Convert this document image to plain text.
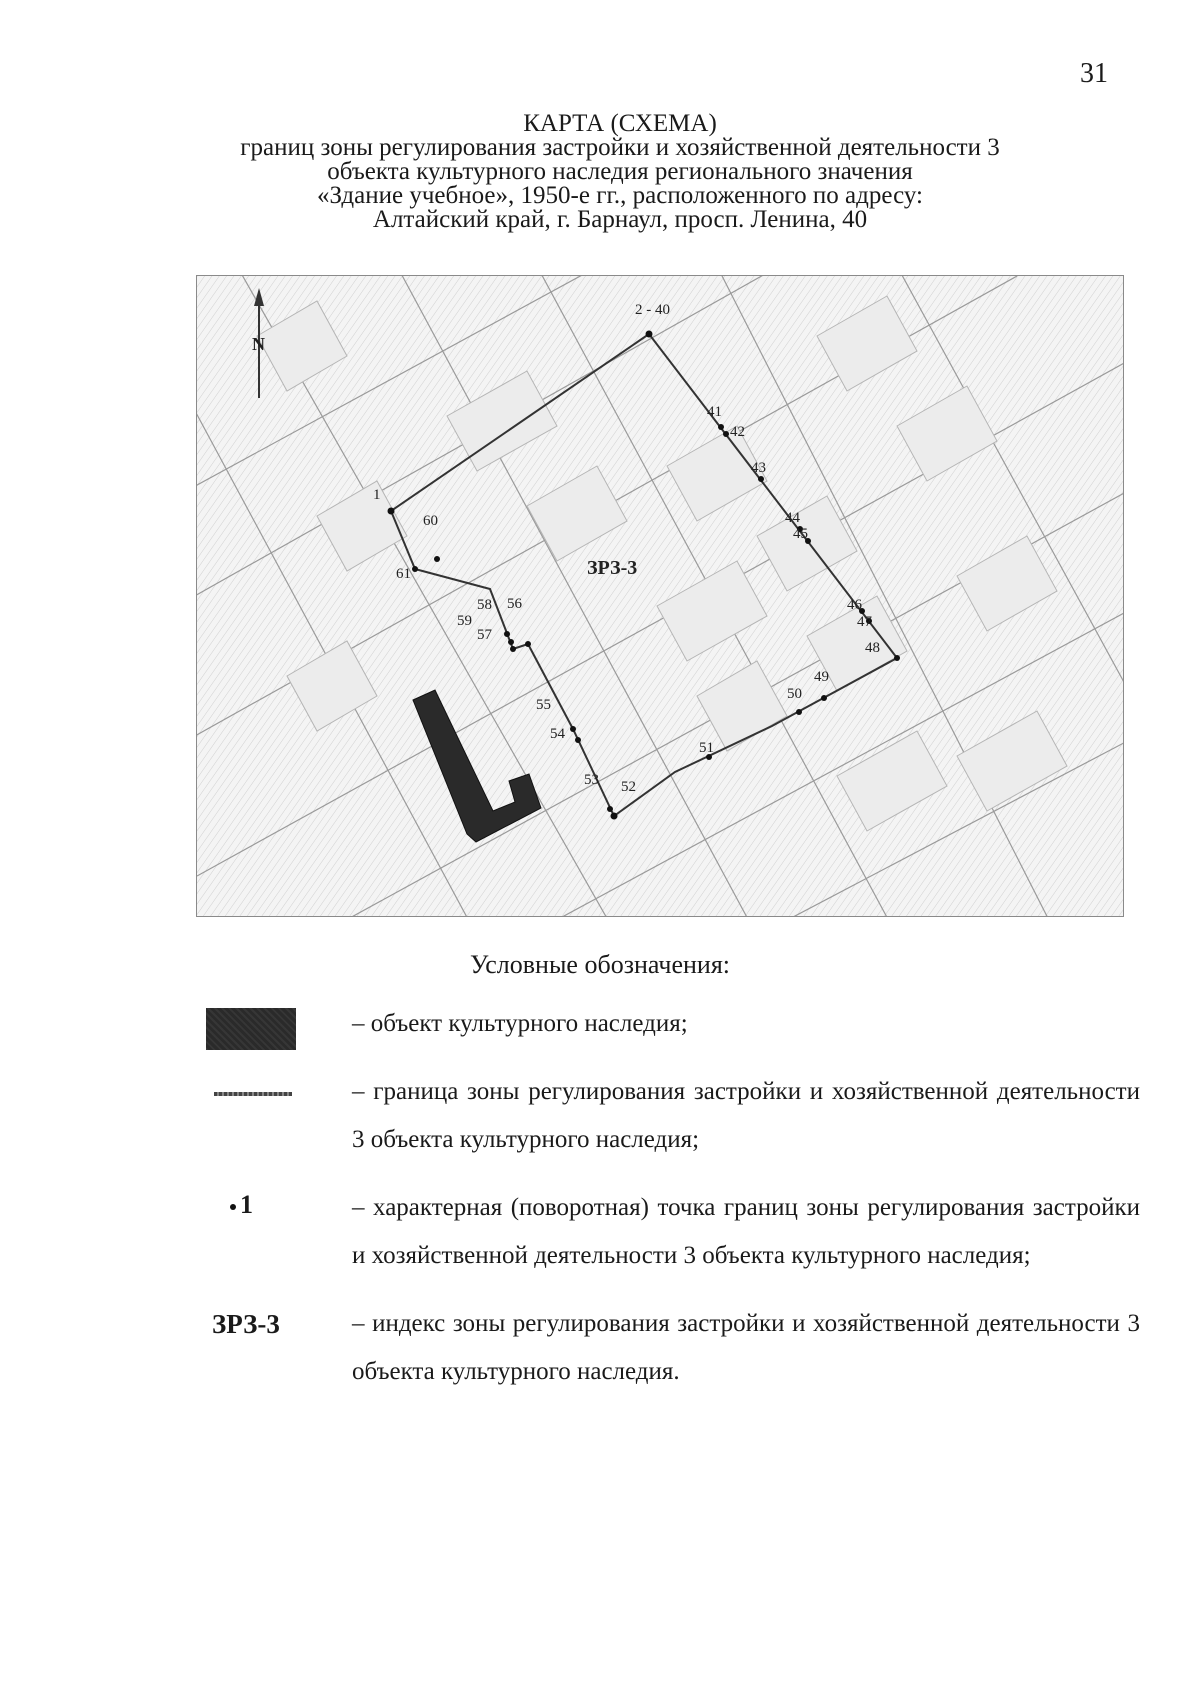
31
КАРТА (СХЕМА)
границ зоны регулирования застройки и хозяйственной деятельности 3
объекта культурного наследия регионального значения
«Здание учебное», 1950-е гг., расположенного по адресу:
Алтайский край, г. Барнаул, просп. Ленина, 40
N
1
2 - 40
41
42
43
44
45
46
47
48
49
50
51
52
53
54
55
56
57
58
59
60
61	ЗРЗ-3
Условные обозначения:
– объект культурного наследия;
– граница зоны регулирования застройки и хозяйственной деятельности 3 объекта культурного наследия;
1	– характерная (поворотная) точка границ зоны регулирования застройки и хозяйственной деятельности 3 объекта культурного наследия;
ЗРЗ-3	– индекс зоны регулирования застройки и хозяйственной деятельности 3 объекта культурного наследия.
